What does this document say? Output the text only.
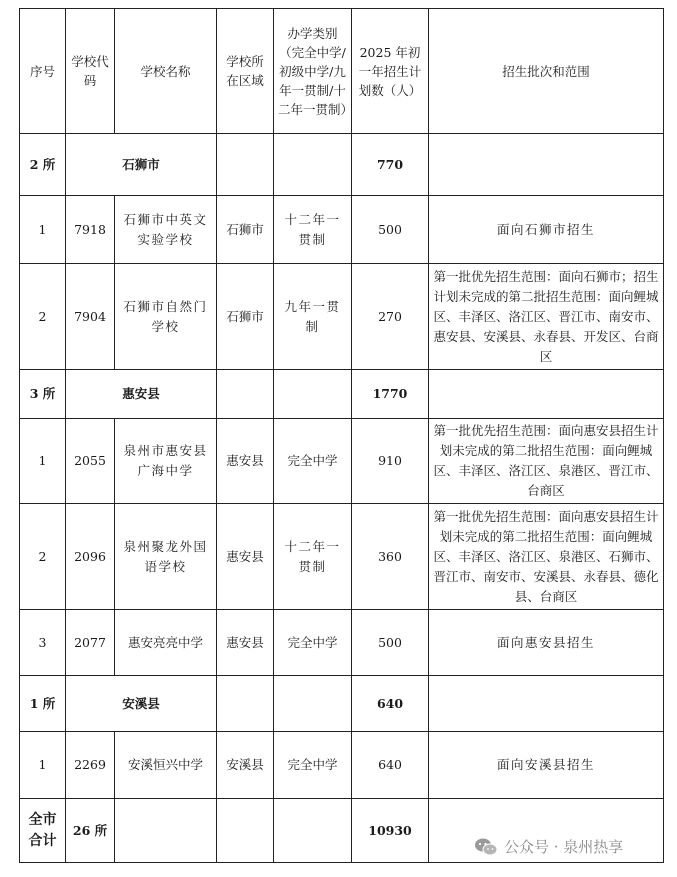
序号	学校代码	学校名称	学校所在区域	办学类别（完全中学/初级中学/九年一贯制/十二年一贯制）	2025 年初一年招生计划数（人）	招生批次和范围
2 所	石狮市				770	
1	7918	石狮市中英文实验学校	石狮市	十二年一贯制	500	面向石狮市招生
2	7904	石狮市自然门学校	石狮市	九年一贯制	270	第一批优先招生范围：面向石狮市；招生计划未完成的第二批招生范围：面向鲤城区、丰泽区、洛江区、晋江市、南安市、惠安县、安溪县、永春县、开发区、台商区
3 所	惠安县				1770	
1	2055	泉州市惠安县广海中学	惠安县	完全中学	910	第一批优先招生范围：面向惠安县招生计划未完成的第二批招生范围：面向鲤城区、丰泽区、洛江区、泉港区、晋江市、台商区
2	2096	泉州聚龙外国语学校	惠安县	十二年一贯制	360	第一批优先招生范围：面向惠安县招生计划未完成的第二批招生范围：面向鲤城区、丰泽区、洛江区、泉港区、石狮市、晋江市、南安市、安溪县、永春县、德化县、台商区
3	2077	惠安亮亮中学	惠安县	完全中学	500	面向惠安县招生
1 所	安溪县				640	
1	2269	安溪恒兴中学	安溪县	完全中学	640	面向安溪县招生
全市合计	26 所				10930	
公众号 · 泉州热享
